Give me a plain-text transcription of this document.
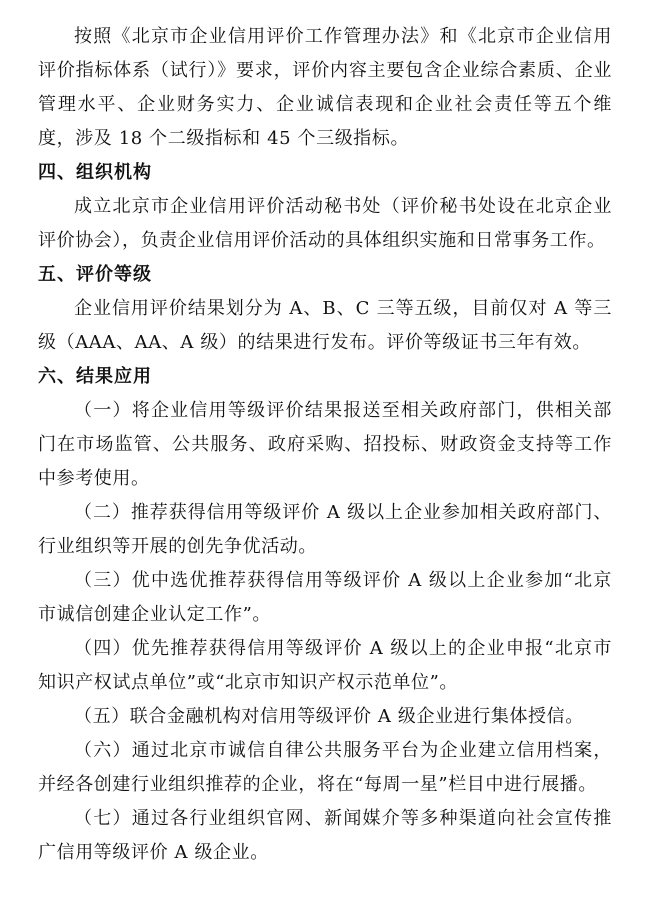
按照《北京市企业信用评价工作管理办法》和《北京市企业信用评价指标体系（试行）》要求，评价内容主要包含企业综合素质、企业管理水平、企业财务实力、企业诚信表现和企业社会责任等五个维度，涉及 18 个二级指标和 45 个三级指标。

四、组织机构

成立北京市企业信用评价活动秘书处（评价秘书处设在北京企业评价协会），负责企业信用评价活动的具体组织实施和日常事务工作。

五、评价等级

企业信用评价结果划分为 A、B、C 三等五级，目前仅对 A 等三级（AAA、AA、A 级）的结果进行发布。评价等级证书三年有效。

六、结果应用

（一）将企业信用等级评价结果报送至相关政府部门，供相关部门在市场监管、公共服务、政府采购、招投标、财政资金支持等工作中参考使用。

（二）推荐获得信用等级评价 A 级以上企业参加相关政府部门、行业组织等开展的创先争优活动。

（三）优中选优推荐获得信用等级评价 A 级以上企业参加“北京市诚信创建企业认定工作”。

（四）优先推荐获得信用等级评价 A 级以上的企业申报“北京市知识产权试点单位”或“北京市知识产权示范单位”。

（五）联合金融机构对信用等级评价 A 级企业进行集体授信。

（六）通过北京市诚信自律公共服务平台为企业建立信用档案，并经各创建行业组织推荐的企业，将在“每周一星”栏目中进行展播。

（七）通过各行业组织官网、新闻媒介等多种渠道向社会宣传推广信用等级评价 A 级企业。
